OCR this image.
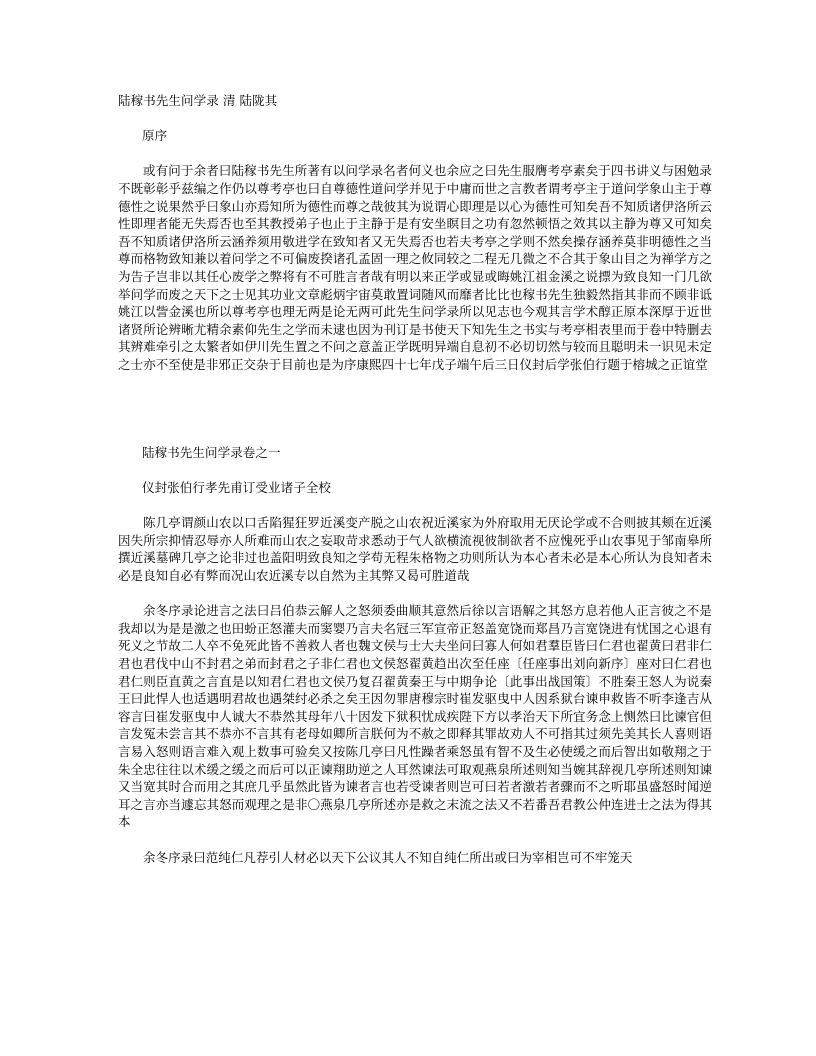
陆稼书先生问学录 清 陆陇其
原序

或有问于余者曰陆稼书先生所著有以问学录名者何义也余应之曰先生服膺考亭素矣于四书讲义与困勉录不既彰彰乎兹编之作仍以尊考亭也曰自尊德性道问学并见于中庸而世之言教者谓考亭主于道问学象山主于尊德性之说果然乎曰象山亦焉知所为德性而尊之哉彼其为说谓心即理是以心为德性可知矣吾不知质诸伊洛所云性即理者能无失焉否也至其教授弟子也止于主静于是有安坐瞑目之功有忽然顿悟之效其以主静为尊又可知矣吾不知质诸伊洛所云涵养须用敬进学在致知者又无失焉否也若夫考亭之学则不然矣操存涵养莫非明德性之当尊而格物致知兼以着问学之不可偏废揆诸孔孟固一理之攸同较之二程无几微之不合其于象山目之为禅学方之为告子岂非以其任心废学之弊将有不可胜言者哉有明以来正学或显或晦姚江祖金溪之说摽为致良知一门几欲举问学而废之天下之士见其功业文章彪炳宇宙莫敢置词随风而靡者比比也稼书先生独毅然指其非而不顾非诋姚江以訾金溪也所以尊考亭也理无两是论无两可此先生问学录所以见志也今观其言学术醇正原本深厚于近世诸贤所论辨晰尤精余素仰先生之学而未逮也因为刊订是书使天下知先生之书实与考亭相表里而于卷中特删去其辨难牵引之太繁者如伊川先生置之不问之意盖正学既明异端自息初不必切切然与较而且聪明未一识见未定之士亦不至使是非邪正交杂于目前也是为序康熙四十七年戊子端午后三日仪封后学张伯行题于榕城之正谊堂

陆稼书先生问学录卷之一
仪封张伯行孝先甫订受业诸子全校

陈几亭谓颜山农以口舌陷猩狂罗近溪变产脱之山农祝近溪家为外府取用无厌论学或不合则披其颊在近溪因失所宗抑情忍辱亦人所难而山农之妄取苛求悉动于气人欲横流视彼制欲者不应愧死乎山农事见于邹南皋所撰近溪墓碑几亭之论非过也盖阳明致良知之学苟无程朱格物之功则所认为本心者未必是本心所认为良知者未必是良知自必有弊而况山农近溪专以自然为主其弊又曷可胜道哉

余冬序录论进言之法曰吕伯恭云解人之怒须委曲顺其意然后徐以言语解之其怒方息若他人正言彼之不是我却以为是是激之也田蚡正怒灌夫而窦婴乃言夫名冠三军宣帝正怒盖宽饶而郑昌乃言宽饶进有忧国之心退有死义之节故二人卒不免死此皆不善救人者也魏文侯与士大夫坐问曰寡人何如君羣臣皆曰仁君也翟黄曰君非仁君也君伐中山不封君之弟而封君之子非仁君也文侯怒翟黄趋出次至任座〔任座事出刘向新序〕座对曰仁君也君仁则臣直黄之言直是以知君仁君也文侯乃复召翟黄秦王与中期争论〔此事出战国策〕不胜秦王怒人为说秦王曰此悍人也适遇明君故也遇桀纣必杀之矣王因勿罪唐穆宗时崔发驱曳中人因系狱台谏申救皆不听李逢吉从容言曰崔发驱曳中人诚大不恭然其母年八十因发下狱积忧成疾陛下方以孝治天下所宜务念上恻然曰比谏官但言发冤未尝言其不恭亦不言其有老母如卿所言朕何为不赦之即释其罪故劝人不可指其过须先美其长人喜则语言易入怒则语言难入观上数事可验矣又按陈几亭曰凡性躁者乘怒虽有智不及生必使缓之而后智出如敬翔之于朱全忠往往以术缓之缓之而后可以正谏翔助逆之人耳然谏法可取观燕泉所述则知当婉其辞视几亭所述则知谏又当宽其时合而用之其庶几乎虽然此皆为谏者言也若受谏者则岂可曰若者激若者骤而不之听耶虽盛怒时闻逆耳之言亦当遽忘其怒而观理之是非〇燕泉几亭所述亦是救之末流之法又不若番吾君教公仲连进士之法为得其本

余冬序录曰范纯仁凡荐引人材必以天下公议其人不知自纯仁所出或曰为宰相岂可不牢笼天
